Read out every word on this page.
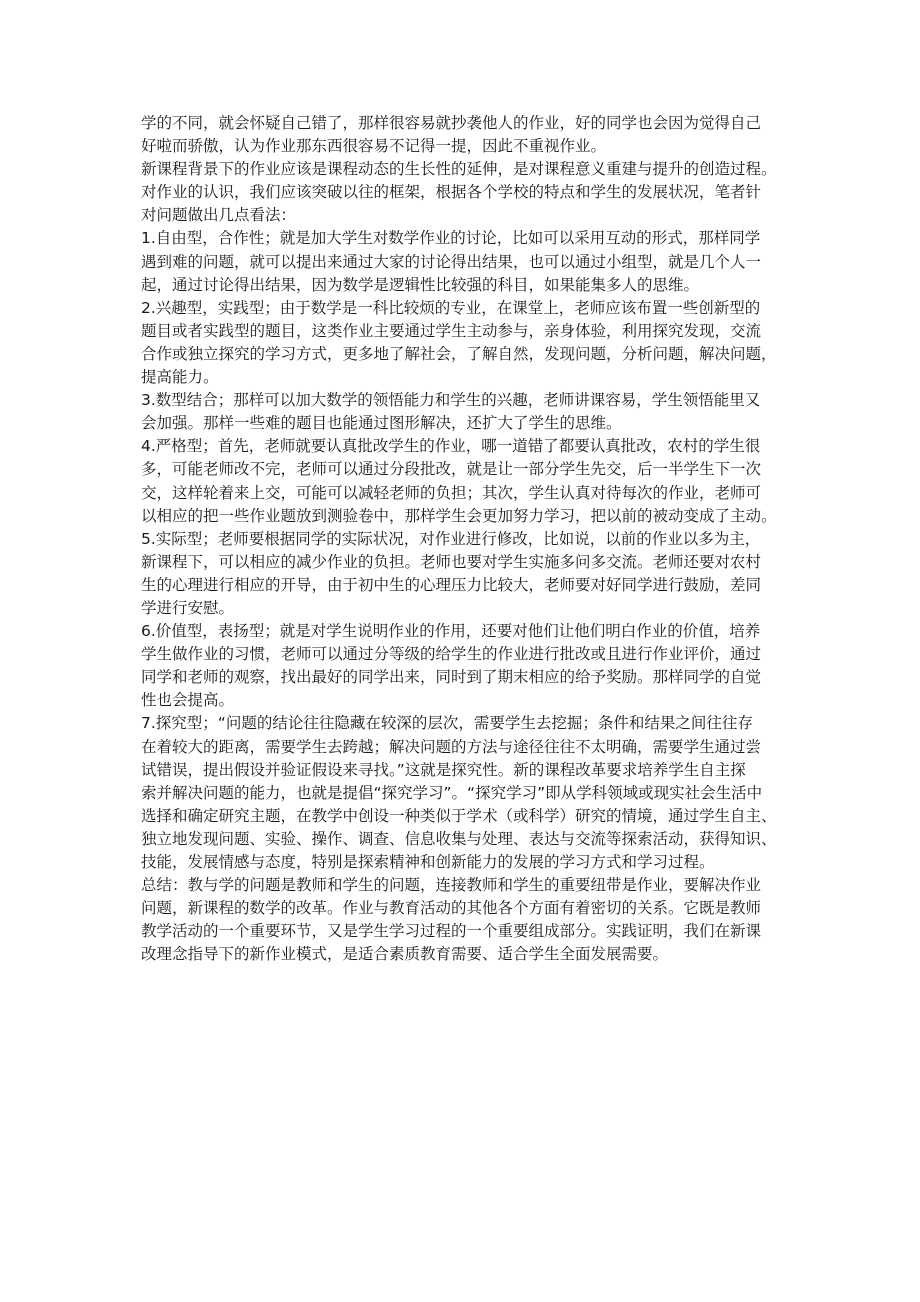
学的不同，就会怀疑自己错了，那样很容易就抄袭他人的作业，好的同学也会因为觉得自己
好啦而骄傲，认为作业那东西很容易不记得一提，因此不重视作业。
新课程背景下的作业应该是课程动态的生长性的延伸，是对课程意义重建与提升的创造过程。
对作业的认识，我们应该突破以往的框架，根据各个学校的特点和学生的发展状况，笔者针
对问题做出几点看法：
1.自由型，合作性；就是加大学生对数学作业的讨论，比如可以采用互动的形式，那样同学
遇到难的问题，就可以提出来通过大家的讨论得出结果，也可以通过小组型，就是几个人一
起，通过讨论得出结果，因为数学是逻辑性比较强的科目，如果能集多人的思维。
2.兴趣型，实践型；由于数学是一科比较烦的专业，在课堂上，老师应该布置一些创新型的
题目或者实践型的题目，这类作业主要通过学生主动参与，亲身体验，利用探究发现，交流
合作或独立探究的学习方式，更多地了解社会，了解自然，发现问题，分析问题，解决问题，
提高能力。
3.数型结合；那样可以加大数学的领悟能力和学生的兴趣，老师讲课容易，学生领悟能里又
会加强。那样一些难的题目也能通过图形解决，还扩大了学生的思维。
4.严格型；首先，老师就要认真批改学生的作业，哪一道错了都要认真批改，农村的学生很
多，可能老师改不完，老师可以通过分段批改，就是让一部分学生先交，后一半学生下一次
交，这样轮着来上交，可能可以减轻老师的负担；其次，学生认真对待每次的作业，老师可
以相应的把一些作业题放到测验卷中，那样学生会更加努力学习，把以前的被动变成了主动。
5.实际型；老师要根据同学的实际状况，对作业进行修改，比如说，以前的作业以多为主，
新课程下，可以相应的减少作业的负担。老师也要对学生实施多问多交流。老师还要对农村
生的心理进行相应的开导，由于初中生的心理压力比较大，老师要对好同学进行鼓励，差同
学进行安慰。
6.价值型，表扬型；就是对学生说明作业的作用，还要对他们让他们明白作业的价值，培养
学生做作业的习惯，老师可以通过分等级的给学生的作业进行批改或且进行作业评价，通过
同学和老师的观察，找出最好的同学出来，同时到了期末相应的给予奖励。那样同学的自觉
性也会提高。
7.探究型；“问题的结论往往隐藏在较深的层次，需要学生去挖掘；条件和结果之间往往存
在着较大的距离，需要学生去跨越；解决问题的方法与途径往往不太明确，需要学生通过尝
试错误，提出假设并验证假设来寻找。”这就是探究性。新的课程改革要求培养学生自主探
索并解决问题的能力，也就是提倡“探究学习”。“探究学习”即从学科领域或现实社会生活中
选择和确定研究主题，在教学中创设一种类似于学术（或科学）研究的情境，通过学生自主、
独立地发现问题、实验、操作、调查、信息收集与处理、表达与交流等探索活动，获得知识、
技能，发展情感与态度，特别是探索精神和创新能力的发展的学习方式和学习过程。
总结：教与学的问题是教师和学生的问题，连接教师和学生的重要纽带是作业，要解决作业
问题，新课程的数学的改革。作业与教育活动的其他各个方面有着密切的关系。它既是教师
教学活动的一个重要环节，又是学生学习过程的一个重要组成部分。实践证明，我们在新课
改理念指导下的新作业模式，是适合素质教育需要、适合学生全面发展需要。
